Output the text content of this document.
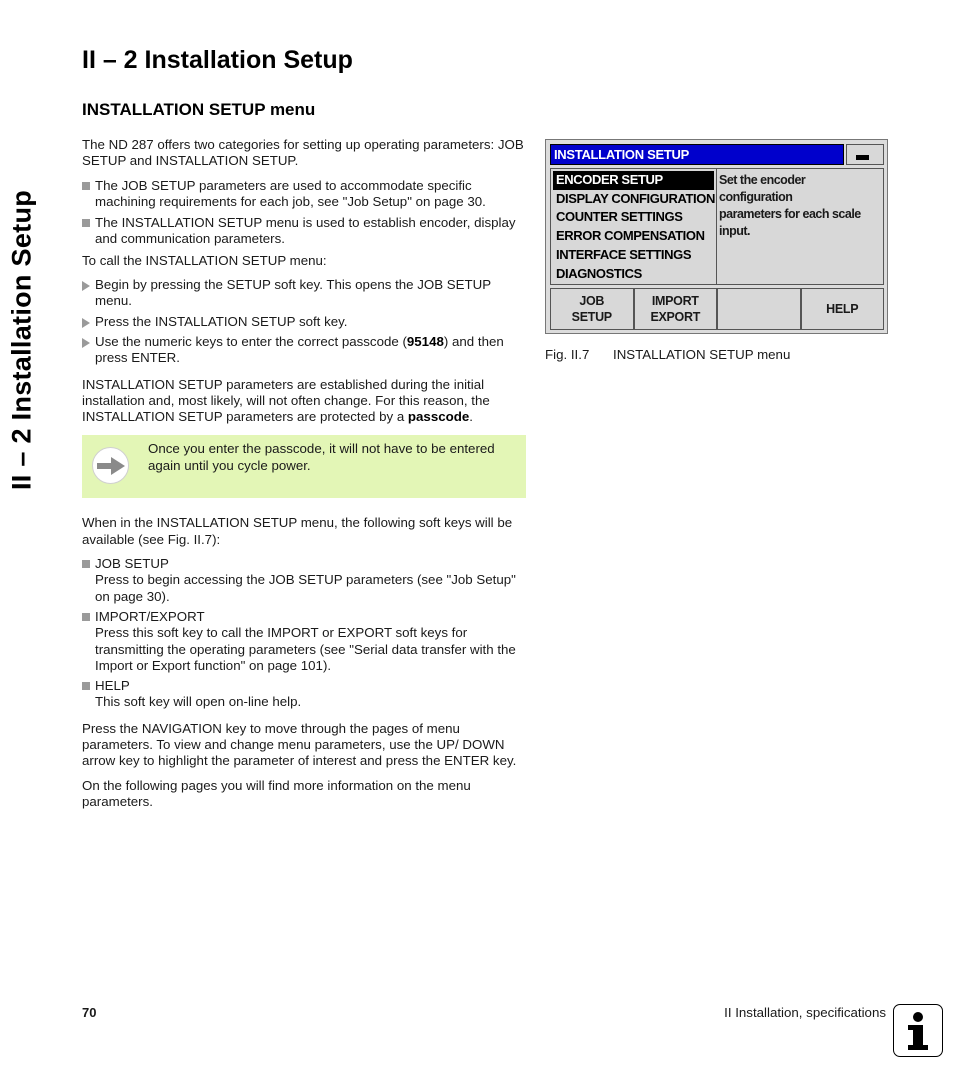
II – 2 Installation Setup
II – 2 Installation Setup
INSTALLATION SETUP menu

The ND 287 offers two categories for setting up operating parameters: JOB SETUP and INSTALLATION SETUP.

The JOB SETUP parameters are used to accommodate specific machining requirements for each job, see "Job Setup" on page 30.
The INSTALLATION SETUP menu is used to establish encoder, display and communication parameters.

To call the INSTALLATION SETUP menu:

Begin by pressing the SETUP soft key. This opens the JOB SETUP menu.
Press the INSTALLATION SETUP soft key.
Use the numeric keys to enter the correct passcode (95148) and then press ENTER.

INSTALLATION SETUP parameters are established during the initial installation and, most likely, will not often change. For this reason, the INSTALLATION SETUP parameters are protected by a passcode.

Once you enter the passcode, it will not have to be entered again until you cycle power.

When in the INSTALLATION SETUP menu, the following soft keys will be available (see Fig. II.7):

JOB SETUP
Press to begin accessing the JOB SETUP parameters (see "Job Setup" on page 30).
IMPORT/EXPORT
Press this soft key to call the IMPORT or EXPORT soft keys for transmitting the operating parameters (see "Serial data transfer with the Import or Export function" on page 101).
HELP
This soft key will open on-line help.

Press the NAVIGATION key to move through the pages of menu parameters. To view and change menu parameters, use the UP/ DOWN arrow key to highlight the parameter of interest and press the ENTER key.

On the following pages you will find more information on the menu parameters.

INSTALLATION SETUP
ENCODER SETUP
DISPLAY CONFIGURATION
COUNTER SETTINGS
ERROR COMPENSATION
INTERFACE SETTINGS
DIAGNOSTICS
Set the encoder configuration
parameters for each scale input.
JOB
SETUP
IMPORT
EXPORT
HELP
Fig. II.7 INSTALLATION SETUP menu
70	II Installation, specifications
